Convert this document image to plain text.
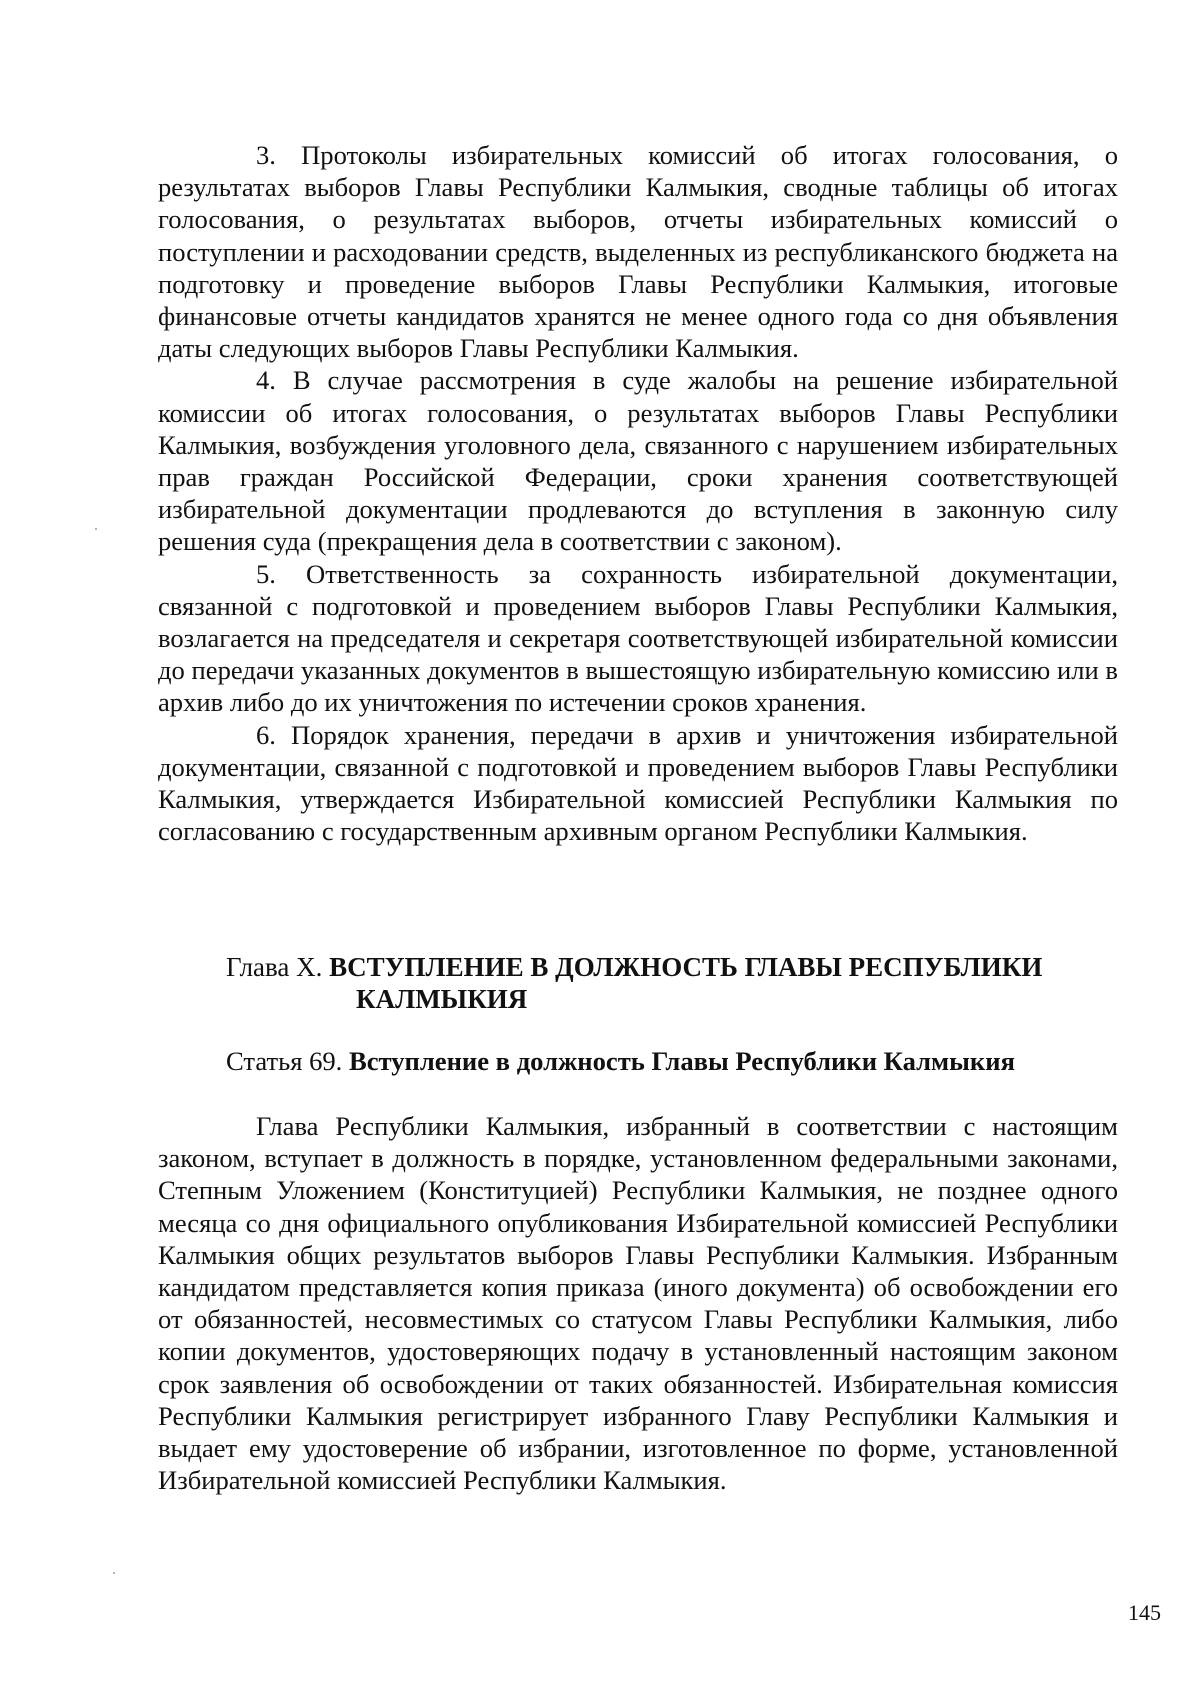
3. Протоколы избирательных комиссий об итогах голосования, о результатах выборов Главы Республики Калмыкия, сводные таблицы об итогах голосования, о результатах выборов, отчеты избирательных комиссий о поступлении и расходовании средств, выделенных из республиканского бюджета на подготовку и проведение выборов Главы Республики Калмыкия, итоговые финансовые отчеты кандидатов хранятся не менее одного года со дня объявления даты следующих выборов Главы Республики Калмыкия.

4. В случае рассмотрения в суде жалобы на решение избирательной комиссии об итогах голосования, о результатах выборов Главы Республики Калмыкия, возбуждения уголовного дела, связанного с нарушением избирательных прав граждан Российской Федерации, сроки хранения соответствующей избирательной документации продлеваются до вступления в законную силу решения суда (прекращения дела в соответствии с законом).

5. Ответственность за сохранность избирательной документации, связанной с подготовкой и проведением выборов Главы Республики Калмыкия, возлагается на председателя и секретаря соответствующей избирательной комиссии до передачи указанных документов в вышестоящую избирательную комиссию или в архив либо до их уничтожения по истечении сроков хранения.

6. Порядок хранения, передачи в архив и уничтожения избирательной документации, связанной с подготовкой и проведением выборов Главы Республики Калмыкия, утверждается Избирательной комиссией Республики Калмыкия по согласованию с государственным архивным органом Республики Калмыкия.

Глава X. ВСТУПЛЕНИЕ В ДОЛЖНОСТЬ ГЛАВЫ РЕСПУБЛИКИ
КАЛМЫКИЯ
Статья 69. Вступление в должность Главы Республики Калмыкия

Глава Республики Калмыкия, избранный в соответствии с настоящим законом, вступает в должность в порядке, установленном федеральными законами, Степным Уложением (Конституцией) Республики Калмыкия, не позднее одного месяца со дня официального опубликования Избирательной комиссией Республики Калмыкия общих результатов выборов Главы Республики Калмыкия. Избранным кандидатом представляется копия приказа (иного документа) об освобождении его от обязанностей, несовместимых со статусом Главы Республики Калмыкия, либо копии документов, удостоверяющих подачу в установленный настоящим законом срок заявления об освобождении от таких обязанностей. Избирательная комиссия Республики Калмыкия регистрирует избранного Главу Республики Калмыкия и выдает ему удостоверение об избрании, изготовленное по форме, установленной Избирательной комиссией Республики Калмыкия.

145
